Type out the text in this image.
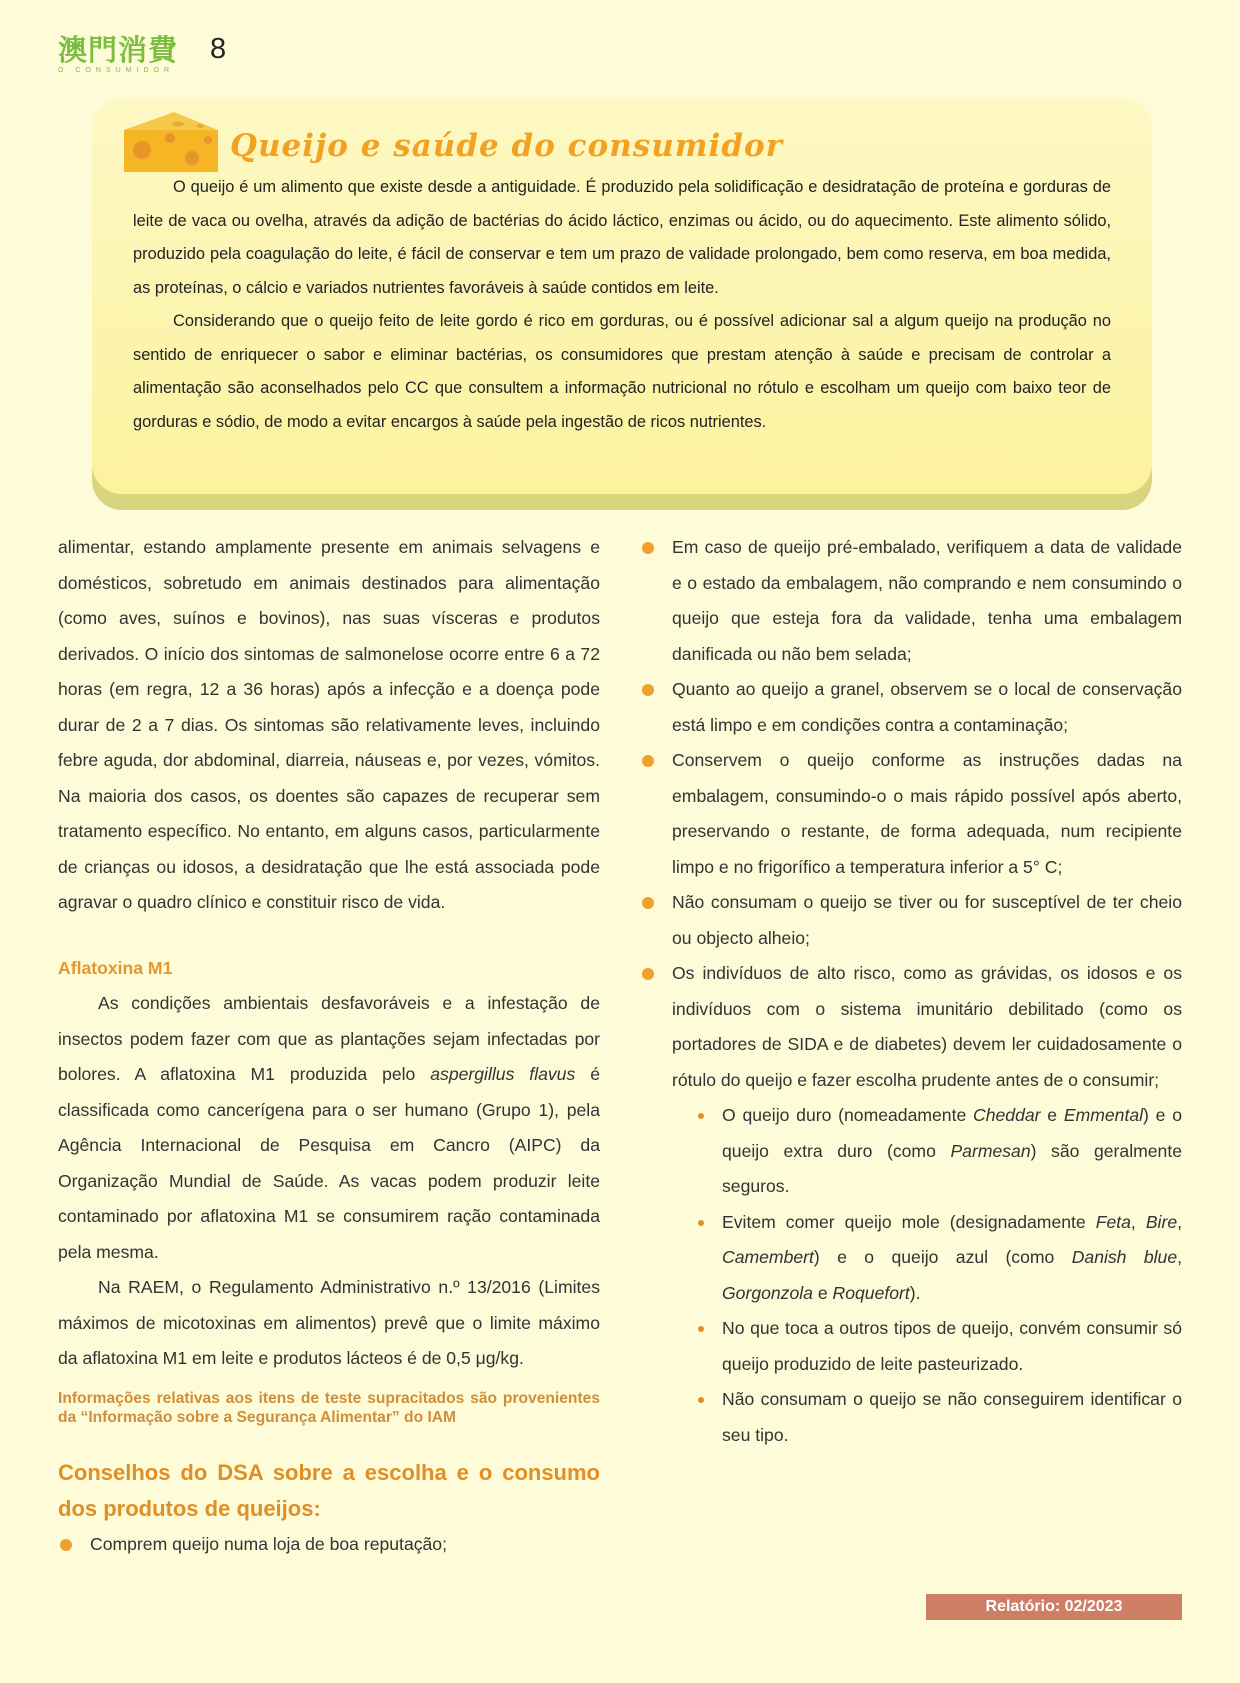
澳門消費
O CONSUMIDOR
8
Queijo e saúde do consumidor

O queijo é um alimento que existe desde a antiguidade. É produzido pela solidificação e desidratação de proteína e gorduras de leite de vaca ou ovelha, através da adição de bactérias do ácido láctico, enzimas ou ácido, ou do aquecimento. Este alimento sólido, produzido pela coagulação do leite, é fácil de conservar e tem um prazo de validade prolongado, bem como reserva, em boa medida, as proteínas, o cálcio e variados nutrientes favoráveis à saúde contidos em leite.

Considerando que o queijo feito de leite gordo é rico em gorduras, ou é possível adicionar sal a algum queijo na produção no sentido de enriquecer o sabor e eliminar bactérias, os consumidores que prestam atenção à saúde e precisam de controlar a alimentação são aconselhados pelo CC que consultem a informação nutricional no rótulo e escolham um queijo com baixo teor de gorduras e sódio, de modo a evitar encargos à saúde pela ingestão de ricos nutrientes.

alimentar, estando amplamente presente em animais selvagens e domésticos, sobretudo em animais destinados para alimentação (como aves, suínos e bovinos), nas suas vísceras e produtos derivados. O início dos sintomas de salmonelose ocorre entre 6 a 72 horas (em regra, 12 a 36 horas) após a infecção e a doença pode durar de 2 a 7 dias. Os sintomas são relativamente leves, incluindo febre aguda, dor abdominal, diarreia, náuseas e, por vezes, vómitos. Na maioria dos casos, os doentes são capazes de recuperar sem tratamento específico. No entanto, em alguns casos, particularmente de crianças ou idosos, a desidratação que lhe está associada pode agravar o quadro clínico e constituir risco de vida.

Aflatoxina M1

As condições ambientais desfavoráveis e a infestação de insectos podem fazer com que as plantações sejam infectadas por bolores. A aflatoxina M1 produzida pelo aspergillus flavus é classificada como cancerígena para o ser humano (Grupo 1), pela Agência Internacional de Pesquisa em Cancro (AIPC) da Organização Mundial de Saúde. As vacas podem produzir leite contaminado por aflatoxina M1 se consumirem ração contaminada pela mesma.

Na RAEM, o Regulamento Administrativo n.º 13/2016 (Limites máximos de micotoxinas em alimentos) prevê que o limite máximo da aflatoxina M1 em leite e produtos lácteos é de 0,5 μg/kg.

Informações relativas aos itens de teste supracitados são provenientes da “Informação sobre a Segurança Alimentar” do IAM

Conselhos do DSA sobre a escolha e o consumo dos produtos de queijos:

Comprem queijo numa loja de boa reputação;
Em caso de queijo pré-embalado, verifiquem a data de validade e o estado da embalagem, não comprando e nem consumindo o queijo que esteja fora da validade, tenha uma embalagem danificada ou não bem selada;
Quanto ao queijo a granel, observem se o local de conservação está limpo e em condições contra a contaminação;
Conservem o queijo conforme as instruções dadas na embalagem, consumindo-o o mais rápido possível após aberto, preservando o restante, de forma adequada, num recipiente limpo e no frigorífico a temperatura inferior a 5° C;
Não consumam o queijo se tiver ou for susceptível de ter cheio ou objecto alheio;
Os indivíduos de alto risco, como as grávidas, os idosos e os indivíduos com o sistema imunitário debilitado (como os portadores de SIDA e de diabetes) devem ler cuidadosamente o rótulo do queijo e fazer escolha prudente antes de o consumir;
O queijo duro (nomeadamente Cheddar e Emmental) e o queijo extra duro (como Parmesan) são geralmente seguros.
Evitem comer queijo mole (designadamente Feta, Bire, Camembert) e o queijo azul (como Danish blue, Gorgonzola e Roquefort).
No que toca a outros tipos de queijo, convém consumir só queijo produzido de leite pasteurizado.
Não consumam o queijo se não conseguirem identificar o seu tipo.
Relatório: 02/2023
